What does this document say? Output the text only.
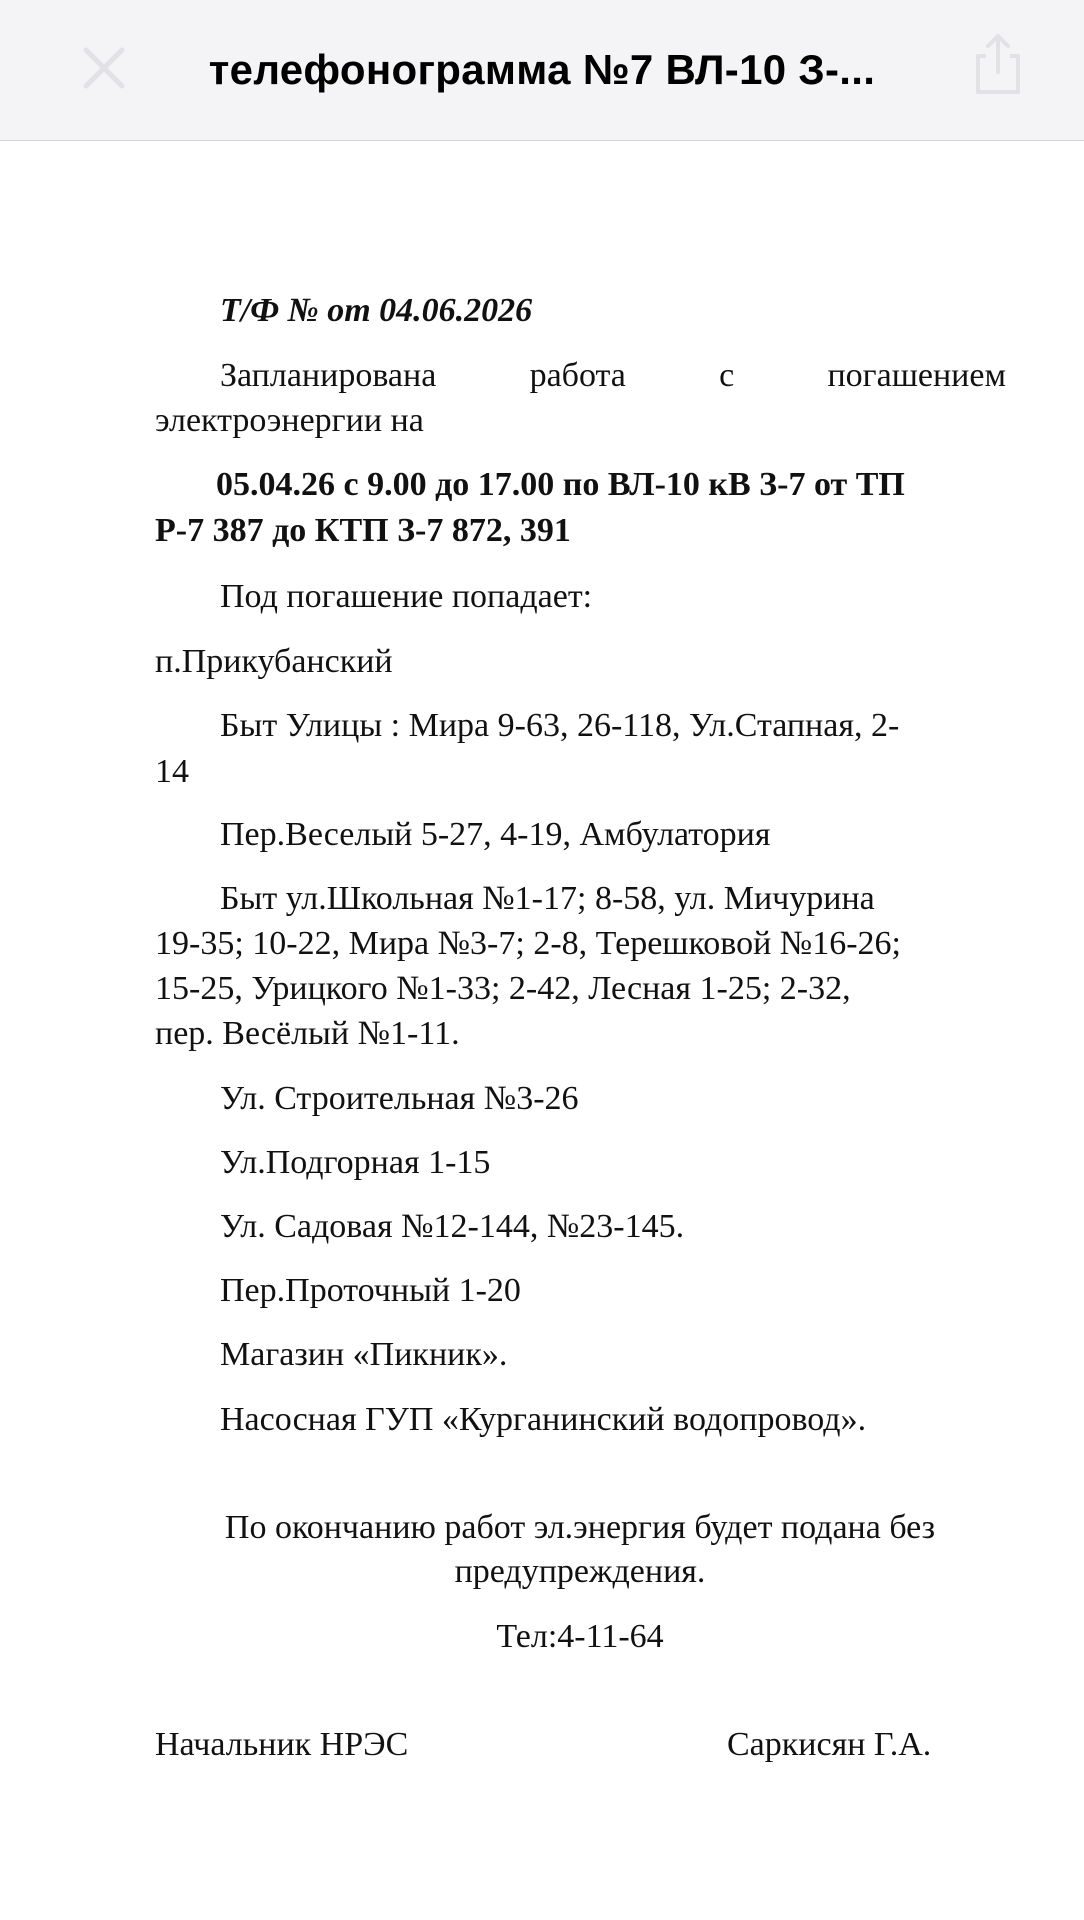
телефонограмма №7 ВЛ-10 З-...
Т/Ф № от 04.06.2026
Запланирована	работа	с	погашением
электроэнергии на
05.04.26 с 9.00 до 17.00 по ВЛ-10 кВ З-7 от ТП
Р-7 387 до КТП З-7 872, 391
Под погашение попадает:
п.Прикубанский
Быт Улицы : Мира 9-63, 26-118, Ул.Стапная, 2-
14
Пер.Веселый 5-27, 4-19, Амбулатория
Быт ул.Школьная №1-17; 8-58, ул. Мичурина
19-35; 10-22, Мира №3-7; 2-8, Терешковой №16-26;
15-25, Урицкого №1-33; 2-42, Лесная 1-25; 2-32,
пер. Весёлый №1-11.
Ул. Строительная №3-26
Ул.Подгорная 1-15
Ул. Садовая №12-144, №23-145.
Пер.Проточный 1-20
Магазин «Пикник».
Насосная ГУП «Курганинский водопровод».
По окончанию работ эл.энергия будет подана без
предупреждения.
Тел:4-11-64
Начальник НРЭС	Саркисян Г.А.
